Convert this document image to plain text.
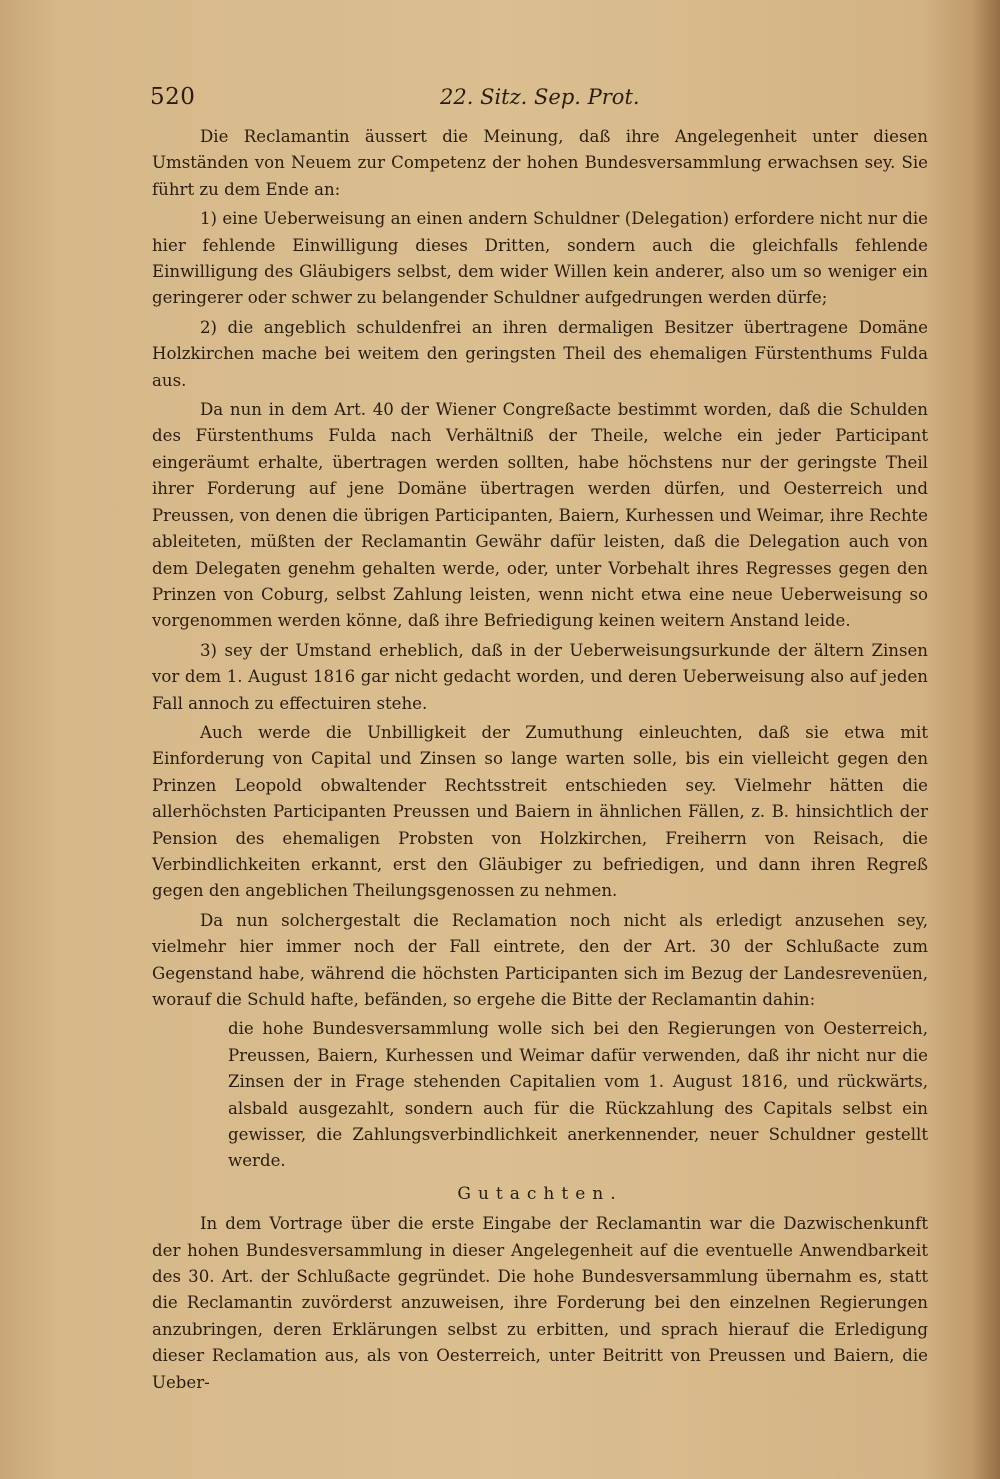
520	22. Sitz. Sep. Prot.

Die Reclamantin äussert die Meinung, daß ihre Angelegenheit unter diesen Umständen von Neuem zur Competenz der hohen Bundesversammlung erwachsen sey. Sie führt zu dem Ende an:

1) eine Ueberweisung an einen andern Schuldner (Delegation) erfordere nicht nur die hier fehlende Einwilligung dieses Dritten, sondern auch die gleichfalls fehlende Einwilligung des Gläubigers selbst, dem wider Willen kein anderer, also um so weniger ein geringerer oder schwer zu belangender Schuldner aufgedrungen werden dürfe;

2) die angeblich schuldenfrei an ihren dermaligen Besitzer übertragene Domäne Holzkirchen mache bei weitem den geringsten Theil des ehemaligen Fürstenthums Fulda aus.

Da nun in dem Art. 40 der Wiener Congreßacte bestimmt worden, daß die Schulden des Fürstenthums Fulda nach Verhältniß der Theile, welche ein jeder Participant eingeräumt erhalte, übertragen werden sollten, habe höchstens nur der geringste Theil ihrer Forderung auf jene Domäne übertragen werden dürfen, und Oesterreich und Preussen, von denen die übrigen Participanten, Baiern, Kurhessen und Weimar, ihre Rechte ableiteten, müßten der Reclamantin Gewähr dafür leisten, daß die Delegation auch von dem Delegaten genehm gehalten werde, oder, unter Vorbehalt ihres Regresses gegen den Prinzen von Coburg, selbst Zahlung leisten, wenn nicht etwa eine neue Ueberweisung so vorgenommen werden könne, daß ihre Befriedigung keinen weitern Anstand leide.

3) sey der Umstand erheblich, daß in der Ueberweisungsurkunde der ältern Zinsen vor dem 1. August 1816 gar nicht gedacht worden, und deren Ueberweisung also auf jeden Fall annoch zu effectuiren stehe.

Auch werde die Unbilligkeit der Zumuthung einleuchten, daß sie etwa mit Einforderung von Capital und Zinsen so lange warten solle, bis ein vielleicht gegen den Prinzen Leopold obwaltender Rechtsstreit entschieden sey. Vielmehr hätten die allerhöchsten Participanten Preussen und Baiern in ähnlichen Fällen, z. B. hinsichtlich der Pension des ehemaligen Probsten von Holzkirchen, Freiherrn von Reisach, die Verbindlichkeiten erkannt, erst den Gläubiger zu befriedigen, und dann ihren Regreß gegen den angeblichen Theilungsgenossen zu nehmen.

Da nun solchergestalt die Reclamation noch nicht als erledigt anzusehen sey, vielmehr hier immer noch der Fall eintrete, den der Art. 30 der Schlußacte zum Gegenstand habe, während die höchsten Participanten sich im Bezug der Landesrevenüen, worauf die Schuld hafte, befänden, so ergehe die Bitte der Reclamantin dahin:

die hohe Bundesversammlung wolle sich bei den Regierungen von Oesterreich, Preussen, Baiern, Kurhessen und Weimar dafür verwenden, daß ihr nicht nur die Zinsen der in Frage stehenden Capitalien vom 1. August 1816, und rückwärts, alsbald ausgezahlt, sondern auch für die Rückzahlung des Capitals selbst ein gewisser, die Zahlungsverbindlichkeit anerkennender, neuer Schuldner gestellt werde.

Gutachten.

In dem Vortrage über die erste Eingabe der Reclamantin war die Dazwischenkunft der hohen Bundesversammlung in dieser Angelegenheit auf die eventuelle Anwendbarkeit des 30. Art. der Schlußacte gegründet. Die hohe Bundesversammlung übernahm es, statt die Reclamantin zuvörderst anzuweisen, ihre Forderung bei den einzelnen Regierungen anzubringen, deren Erklärungen selbst zu erbitten, und sprach hierauf die Erledigung dieser Reclamation aus, als von Oesterreich, unter Beitritt von Preussen und Baiern, die Ueber-
